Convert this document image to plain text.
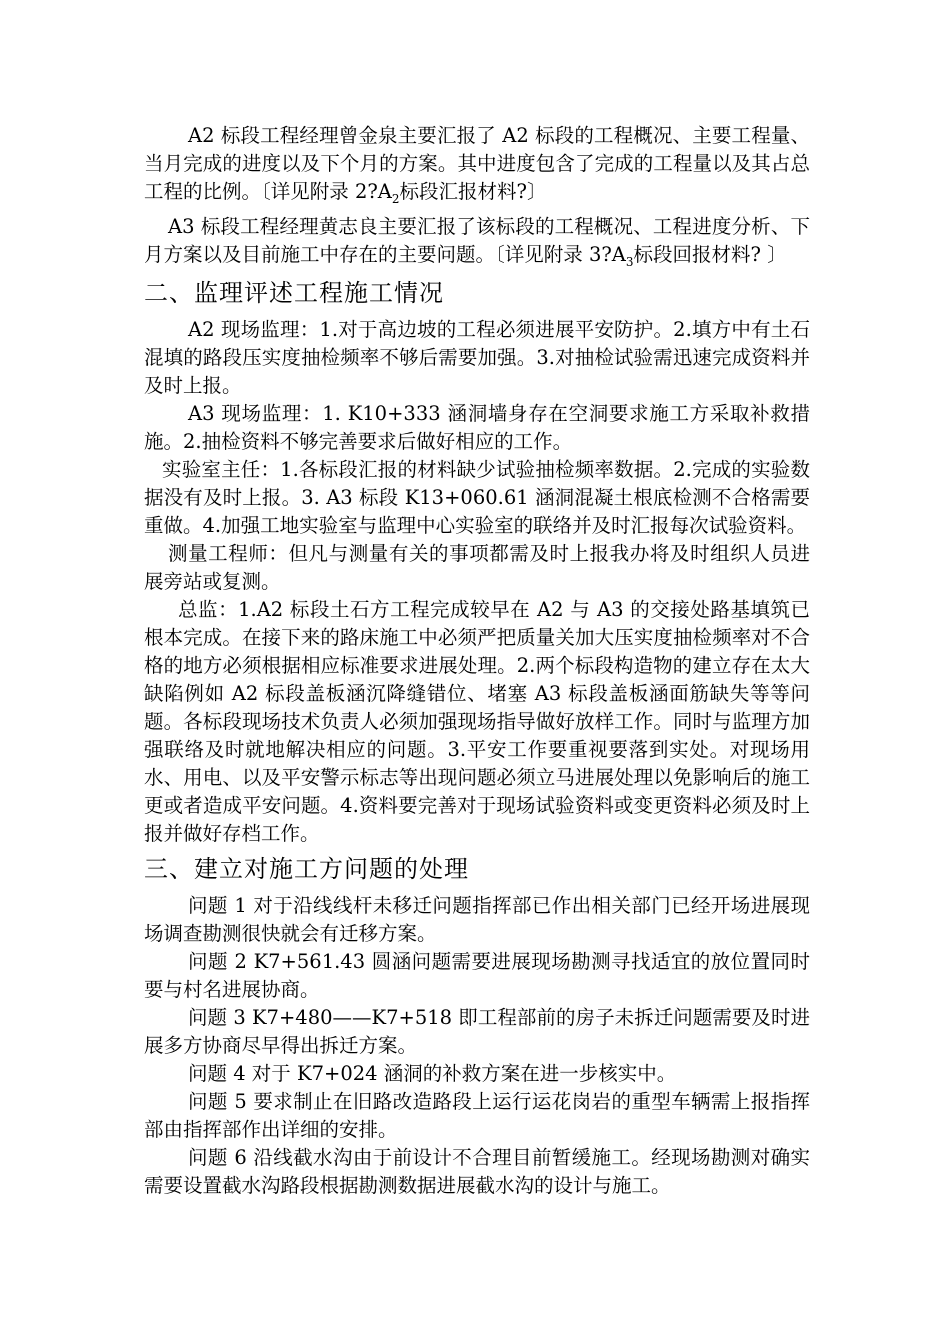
A2 标段工程经理曾金泉主要汇报了 A2 标段的工程概况、主要工程量、当月完成的进度以及下个月的方案。其中进度包含了完成的工程量以及其占总工程的比例。〔详见附录 $2?A_2$标段汇报材料?〕

A3 标段工程经理黄志良主要汇报了该标段的工程概况、工程进度分析、下月方案以及目前施工中存在的主要问题。〔详见附录 $3?A_3$标段回报材料? 〕

二、监理评述工程施工情况

A2 现场监理：1.对于高边坡的工程必须进展平安防护。2.填方中有土石混填的路段压实度抽检频率不够后需要加强。3.对抽检试验需迅速完成资料并及时上报。

A3 现场监理：1. K10+333 涵洞墙身存在空洞要求施工方采取补救措施。2.抽检资料不够完善要求后做好相应的工作。

实验室主任：1.各标段汇报的材料缺少试验抽检频率数据。2.完成的实验数据没有及时上报。3. A3 标段 K13+060.61 涵洞混凝土根底检测不合格需要重做。4.加强工地实验室与监理中心实验室的联络并及时汇报每次试验资料。

测量工程师：但凡与测量有关的事项都需及时上报我办将及时组织人员进展旁站或复测。

总监：1.A2 标段土石方工程完成较早在 A2 与 A3 的交接处路基填筑已根本完成。在接下来的路床施工中必须严把质量关加大压实度抽检频率对不合格的地方必须根据相应标准要求进展处理。2.两个标段构造物的建立存在太大缺陷例如 A2 标段盖板涵沉降缝错位、堵塞 A3 标段盖板涵面筋缺失等等问题。各标段现场技术负责人必须加强现场指导做好放样工作。同时与监理方加强联络及时就地解决相应的问题。3.平安工作要重视要落到实处。对现场用水、用电、以及平安警示标志等出现问题必须立马进展处理以免影响后的施工更或者造成平安问题。4.资料要完善对于现场试验资料或变更资料必须及时上报并做好存档工作。

三、建立对施工方问题的处理

问题 1 对于沿线线杆未移迁问题指挥部已作出相关部门已经开场进展现场调查勘测很快就会有迁移方案。

问题 2 K7+561.43 圆涵问题需要进展现场勘测寻找适宜的放位置同时要与村名进展协商。

问题 3 K7+480——K7+518 即工程部前的房子未拆迁问题需要及时进展多方协商尽早得出拆迁方案。

问题 4 对于 K7+024 涵洞的补救方案在进一步核实中。

问题 5 要求制止在旧路改造路段上运行运花岗岩的重型车辆需上报指挥部由指挥部作出详细的安排。

问题 6 沿线截水沟由于前设计不合理目前暂缓施工。经现场勘测对确实需要设置截水沟路段根据勘测数据进展截水沟的设计与施工。
